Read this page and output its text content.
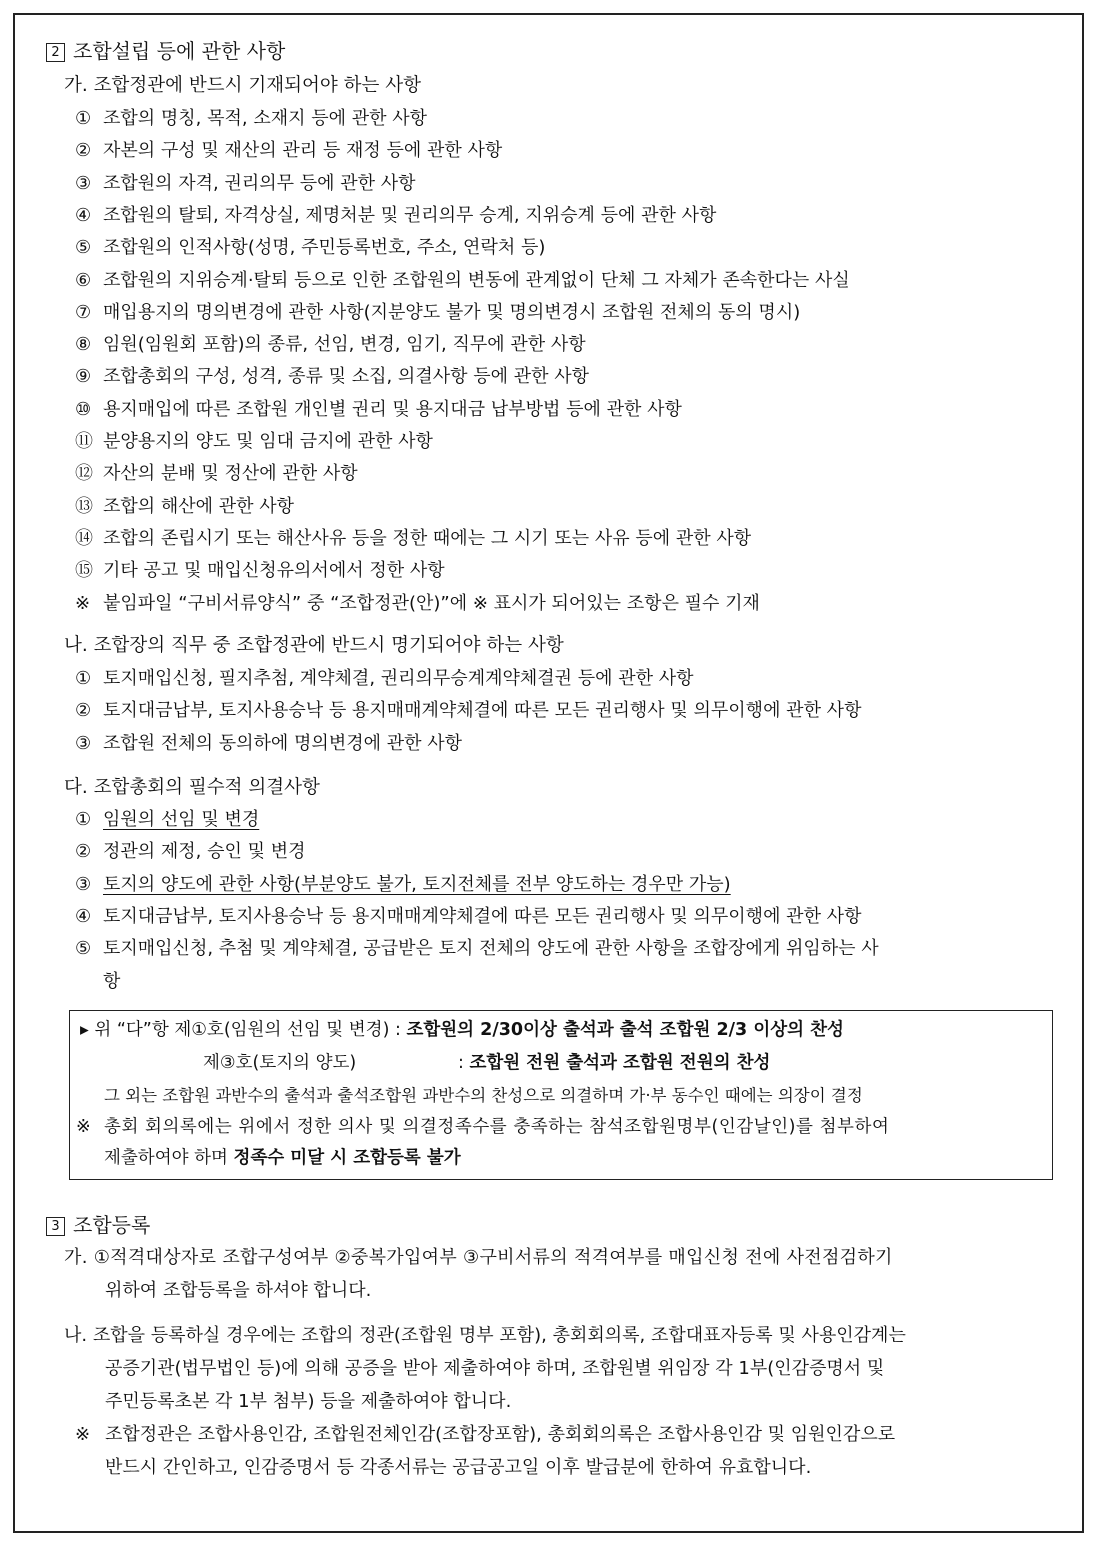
2 조합설립 등에 관한 사항
가. 조합정관에 반드시 기재되어야 하는 사항
① 조합의 명칭, 목적, 소재지 등에 관한 사항
② 자본의 구성 및 재산의 관리 등 재정 등에 관한 사항
③ 조합원의 자격, 권리의무 등에 관한 사항
④ 조합원의 탈퇴, 자격상실, 제명처분 및 권리의무 승계, 지위승계 등에 관한 사항
⑤ 조합원의 인적사항(성명, 주민등록번호, 주소, 연락처 등)
⑥ 조합원의 지위승계·탈퇴 등으로 인한 조합원의 변동에 관계없이 단체 그 자체가 존속한다는 사실
⑦ 매입용지의 명의변경에 관한 사항(지분양도 불가 및 명의변경시 조합원 전체의 동의 명시)
⑧ 임원(임원회 포함)의 종류, 선임, 변경, 임기, 직무에 관한 사항
⑨ 조합총회의 구성, 성격, 종류 및 소집, 의결사항 등에 관한 사항
⑩ 용지매입에 따른 조합원 개인별 권리 및 용지대금 납부방법 등에 관한 사항
⑪ 분양용지의 양도 및 임대 금지에 관한 사항
⑫ 자산의 분배 및 정산에 관한 사항
⑬ 조합의 해산에 관한 사항
⑭ 조합의 존립시기 또는 해산사유 등을 정한 때에는 그 시기 또는 사유 등에 관한 사항
⑮ 기타 공고 및 매입신청유의서에서 정한 사항
※ 붙임파일 “구비서류양식” 중 “조합정관(안)”에 ※ 표시가 되어있는 조항은 필수 기재
나. 조합장의 직무 중 조합정관에 반드시 명기되어야 하는 사항
① 토지매입신청, 필지추첨, 계약체결, 권리의무승계계약체결권 등에 관한 사항
② 토지대금납부, 토지사용승낙 등 용지매매계약체결에 따른 모든 권리행사 및 의무이행에 관한 사항
③ 조합원 전체의 동의하에 명의변경에 관한 사항
다. 조합총회의 필수적 의결사항
① 임원의 선임 및 변경
② 정관의 제정, 승인 및 변경
③ 토지의 양도에 관한 사항(부분양도 불가, 토지전체를 전부 양도하는 경우만 가능)
④ 토지대금납부, 토지사용승낙 등 용지매매계약체결에 따른 모든 권리행사 및 의무이행에 관한 사항
⑤ 토지매입신청, 추첨 및 계약체결, 공급받은 토지 전체의 양도에 관한 사항을 조합장에게 위임하는 사
항
▸ 위 “다”항 제①호(임원의 선임 및 변경) : 조합원의 2/30이상 출석과 출석 조합원 2/3 이상의 찬성
제③호(토지의 양도)	: 조합원 전원 출석과 조합원 전원의 찬성
그 외는 조합원 과반수의 출석과 출석조합원 과반수의 찬성으로 의결하며 가·부 동수인 때에는 의장이 결정
※ 총회 회의록에는 위에서 정한 의사 및 의결정족수를 충족하는 참석조합원명부(인감날인)를 첨부하여
제출하여야 하며 정족수 미달 시 조합등록 불가
3 조합등록
가. ①적격대상자로 조합구성여부 ②중복가입여부 ③구비서류의 적격여부를 매입신청 전에 사전점검하기
위하여 조합등록을 하셔야 합니다.
나. 조합을 등록하실 경우에는 조합의 정관(조합원 명부 포함), 총회회의록, 조합대표자등록 및 사용인감계는
공증기관(법무법인 등)에 의해 공증을 받아 제출하여야 하며, 조합원별 위임장 각 1부(인감증명서 및
주민등록초본 각 1부 첨부) 등을 제출하여야 합니다.
※ 조합정관은 조합사용인감, 조합원전체인감(조합장포함), 총회회의록은 조합사용인감 및 임원인감으로
반드시 간인하고, 인감증명서 등 각종서류는 공급공고일 이후 발급분에 한하여 유효합니다.
